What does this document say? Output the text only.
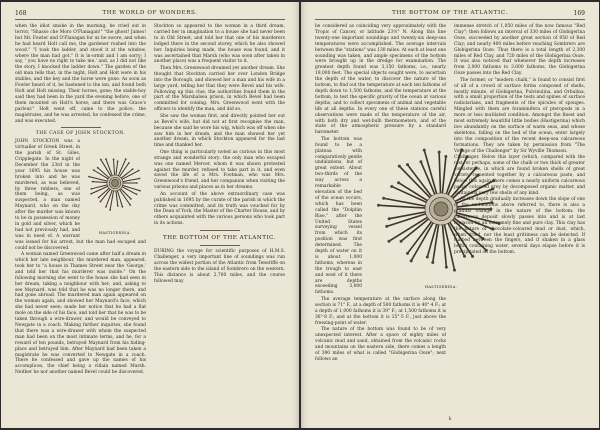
168	THE WORLD OF WONDERS.

when the idiot smoke in the morning, he cried out in terror, "Shasso che Moro O'Flanagan!" "the ghost! James! but Mr. Fowler and O'Flanagan for us he swore, and when he had heard Holt call me, the gardener rushed into the wood." "I took the ladder, and stood it at the window, where the man had got." It is in-ormit and I am sorry; I say, ' you have no right to take me,' and, as I did not like the story, I knocked the ladder down." The garden of the old man tells that, in the night, Holt and Holt were in his stables, and the key and the horse were gone. As soon as Fowler heard of it, he hastened to the inn, and found both Holt and Holt missing. Their horses, gone; the stable-boy said they had been in the yard the evening before, one of them mounted on Holt's horse; and there was Grace's parlour." Holt went off, came to the police, the magistrates, and he was arrested, he confessed the crime, and was executed.

THE CASE OF JOHN STOCKTON.
HASTIGERINA.

JOHN STOCKTON was a victualler of Greek Street, in the parish of St. Giles, Cripplegate. In the night of December the 23rd in the year 1695 his house was broken into and he was murdered, as was believed, by three robbers, one of them being, as was suspected, a man named Maynard, who on the day after the murder was known to be in possession of money in gold and silver, which he had not previously had, and was in need of. A warrant was issued for his arrest, but the man had escaped and could not be discovered.

A woman named Greenwood came after half a dream in which her late neighbour, the murdered man, appeared, took her to "a house in Thames Street near the 'George,' and told her that his murderer was inside." On the following morning she went to the house she had seen in her dream, taking a neighbour with her; and, asking to see Maynard, was told that he was no longer there, and had gone abroad. The murdered man again appeared on the woman again, and showed her Maynard's face, which she had never seen; made her notice that he had a flat mole on the side of his face, and told her that he was to be taken through a wire-drawer, and would be conveyed to Newgate in a coach. Making further inquiries, she found that there was a wire-drawer with whom the suspected man had been on the most intimate terms, and he, for a reward of ten pounds, betrayed Maynard from his hiding-place and betrayed him. After Maynard had been taken a magistrate he was converted to Newgate in a coach. There he confessed and gave up the names of his accomplices, the chief being a villain named Marsh. Neither he nor another named Bevel could be discovered.

Stockton so appeared to the woman in a third dream, carried her in imagination to a house she had never been to in Old Street, and told her that one of his murderers lodged there in the second storey, which he also showed her. Inquiries being made, the house was found, and it was ascertained that Marsh (who was soon after taken in another place) was a frequent visitor to it.

Then Mrs. Greenwood dreamed yet another dream. She thought that Stockton carried her over London Bridge into the Borough, and showed her a man and his wife in a large yard, telling her that they were Bevel and his wife. Following up this clue, the authorities found them in the part of the Marshalsea prison, in which Bevel had been committed for coining. Mrs. Greenwood went with the officers to identify the man, and did so.

She saw the woman first, and directly pointed her out as Bevel's wife, but did not at first recognise the man, because she said he wore his wig, which was off when she saw him in her dream, and the man showed her yet another dream, in which Stockton appeared for the last time and thanked her.

One thing is particularly noted as curious in this most strange and wonderful story: the only man who escaped was one named Mercer, whom it was shown protested against the murder, refused to take part in it, and even saved the life of a Mrs. Footman, who was Mrs. Greenwood's friend, and her companion when visiting the various prisons and places as in her dreams.

An account of the above extraordinary case was published in 1695 by the curate of the parish in which the crime was committed, and its truth was vouched for by the Dean of York, the Master of the Charter House, and by others acquainted with the various persons who took part in its actions.

THE BOTTOM OF THE ATLANTIC.

DURING the voyage for scientific purposes of H.M.S. Challenger, a very important line of soundings was run across the widest portion of the Atlantic from Teneriffe on the eastern side to the island of Sombrero on the western. This distance is about 2,700 miles, and the course followed may

THE BOTTOM OF THE ATLANTIC.	169

be considered as coinciding very approximately with the Tropic of Cancer, or latitude 23½° N. Along this line twenty-one important soundings and twenty-six deep-sea temperatures were accomplished. The average intervals between the "stations" was 130 miles. At each at least one sounding was taken, and ample specimens of the bottom were brought up in the dredge for examination. The greatest depth found was 3,150 fathoms, i.e., nearly 19,000 feet. The special objects sought were, to ascertain the depth of the water, to discover the nature of the bottom, to find out the temperature at each ten fathoms of depth down to 1,500 fathoms, and the temperature at the bottom, to test the specific gravity of the ocean at various depths, and to collect specimens of animal and vegetable life at all depths. In every one of these stations careful observations were made of the temperature of the air, with both dry and wet-bulb thermometers, and of the state of the atmospheric pressure by a standard barometer.

HASTIGERINA.

The bottom was found to be a plateau with comparatively gentle undulations, but of great extent. About two-thirds of the way across a remarkable elevation of the bed of the ocean occurs, which has been called the "Dolphin Rise," after the United States surveying vessel from which its position was first determined. The depth of water on it is about 1,000 fathoms, whereas in the trough to east and west of it there are depths exceeding 3,000 fathoms.

The average temperature at the surface along the section is 71° F., at a depth of 500 fathoms it is 40°·4 F.; at a depth of 1,000 fathoms it is 39° F.; at 1,500 fathoms it is 36°·8 F.; and at the bottom it is 35°·5 F., just above the freezing-point of water.

The nature of the bottom was found to be of very unexpected interest. After a space of eighty miles of volcanic mud and sand, obtained from the volcanic rocks and mountains on the eastern side, there comes a length of 390 miles of what is called "Globigerina Ooze"; next follows an

immense stretch of 1,050 miles of the now famous "Red Clay"; then follows an interval of 330 miles of Globigerina Ooze, succeeded by another great section of 850 of Red Clay; and nearly 400 miles before reaching Sombrero are Globigerina Ooze. Thus there is a total length of 2,300 miles of Red Clay, and 720 miles of the Globigerina Ooze. It was also noticed that whenever the depth increases from 2,000 fathoms to 3,000 fathoms, the Globigerina Ooze passes into the Red Clay.

The former, or "modern chalk," is found to consist first of all of a crowd of surface forms composed of shells, mostly minute, of Globigerina, Pulvinulina, and Orbulina, with a small proportion of the tests and spines of surface radiolarians, and fragments of the spicules of sponges. Mingled with them are foraminifera of pteropods in a more or less mutilated condition. Amongst the finest and most extremely beautiful little bodies (Hastigerina) which live abundantly on the surface of warm seas, and whose skeletons, falling on the bed of the ocean, enter largely into the composition of the recent deep-sea calcareous formations. They are taken by permission from "The Voyage of the Challenger" by Sir Wyville Thomson.

Challenger. Below this layer (which, compared with the rest, or perhaps, some of the chalk or two thick of greater consistence, in which are found broken shells of great variety cemented together by a calcareous paste, and below this again there comes a nearly uniform calcareous paste, coloured grey by decomposed organic matter, and containing very few shells of any kind.

As the depth gradually increases down the slope of one of the undulations above referred to, there is also a gradual change in the nature of the bottom: the calcareous deposit slowly passes into and is at last replaced by an extremely fine and pure clay. This clay has the nature of chocolate-coloured mud or dust, which, when dried, nor the least grittiness can be detected. If rubbed between the fingers, and if shaken in a glass bottle containing water, several days elapse before it is precipitated on the bottom.

b
